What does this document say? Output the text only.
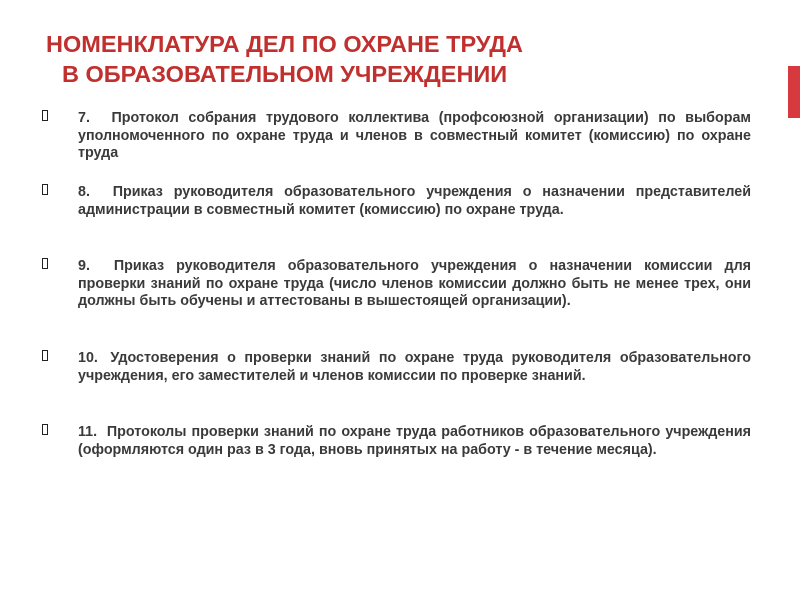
НОМЕНКЛАТУРА ДЕЛ ПО ОХРАНЕ ТРУДА
В ОБРАЗОВАТЕЛЬНОМ УЧРЕЖДЕНИИ
7.	Протокол собрания трудового коллектива (профсоюзной организации) по выборам уполномоченного по охране труда и членов в совместный комитет (комиссию) по охране труда
8.	Приказ руководителя образовательного учреждения о назначении представителей администрации в совместный комитет (комиссию) по охране труда.
9.	Приказ руководителя образовательного учреждения о назначении комиссии для проверки знаний по охране труда (число членов комиссии должно быть не менее трех, они должны быть обучены и аттестованы в вышестоящей организации).
10.	Удостоверения о проверки знаний по охране труда руководителя образовательного учреждения, его заместителей и членов комиссии по проверке знаний.
11.	Протоколы проверки знаний по охране труда работников образовательного учреждения (оформляются один раз в 3 года, вновь принятых на работу - в течение месяца).
